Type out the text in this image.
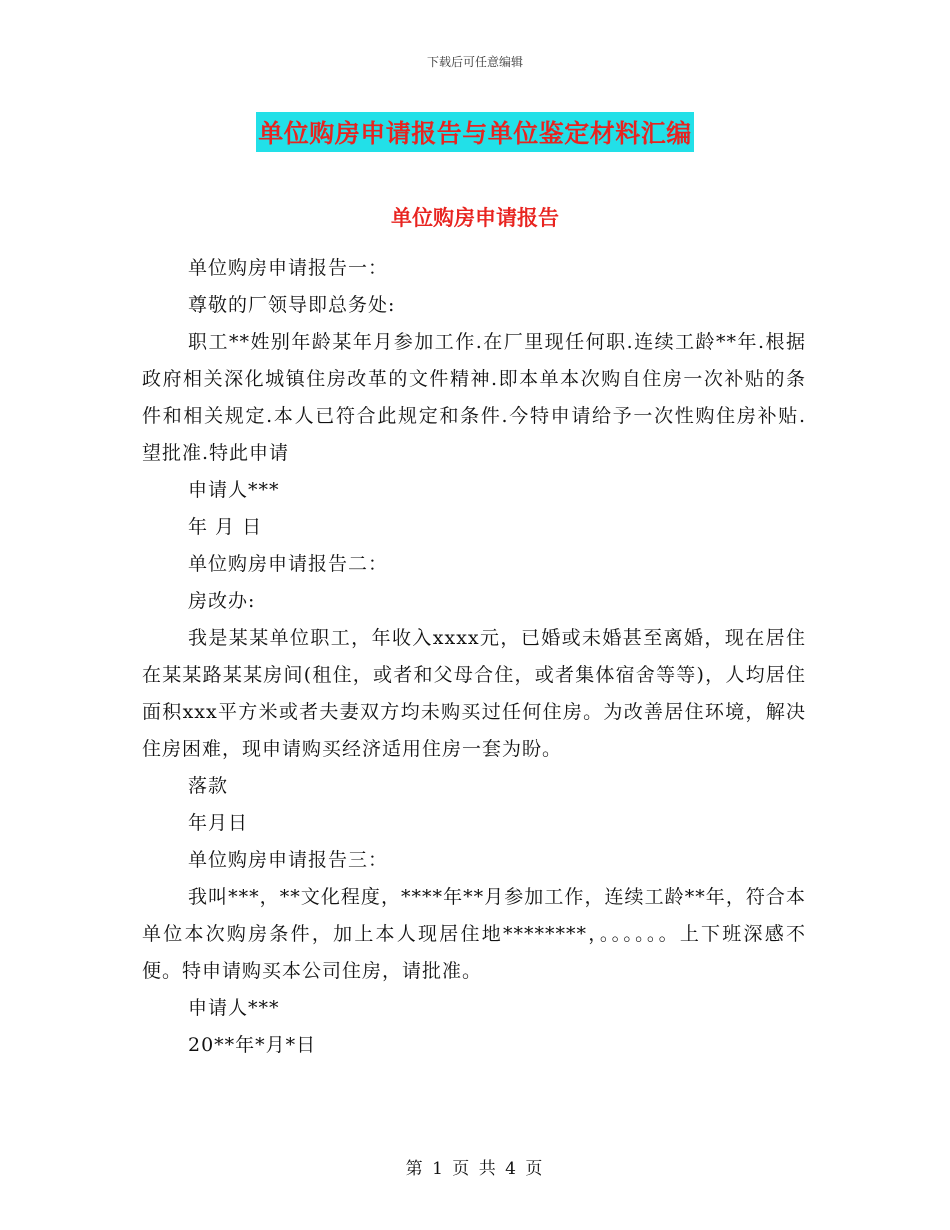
下载后可任意编辑
单位购房申请报告与单位鉴定材料汇编
单位购房申请报告

单位购房申请报告一：

尊敬的厂领导即总务处:

职工**姓别年龄某年月参加工作.在厂里现任何职.连续工龄**年.根据政府相关深化城镇住房改革的文件精神.即本单本次购自住房一次补贴的条件和相关规定.本人已符合此规定和条件.今特申请给予一次性购住房补贴. 望批准.特此申请

申请人***

年 月 日

单位购房申请报告二：

房改办:

我是某某单位职工，年收入xxxx元，已婚或未婚甚至离婚，现在居住在某某路某某房间(租住，或者和父母合住，或者集体宿舍等等)，人均居住面积xxx平方米或者夫妻双方均未购买过任何住房。为改善居住环境，解决住房困难，现申请购买经济适用住房一套为盼。

落款

年月日

单位购房申请报告三：

我叫***，**文化程度，****年**月参加工作，连续工龄**年，符合本单位本次购房条件，加上本人现居住地********，。。。。。。上下班深感不便。特申请购买本公司住房，请批准。

申请人***

20**年*月*日

第 1 页 共 4 页
